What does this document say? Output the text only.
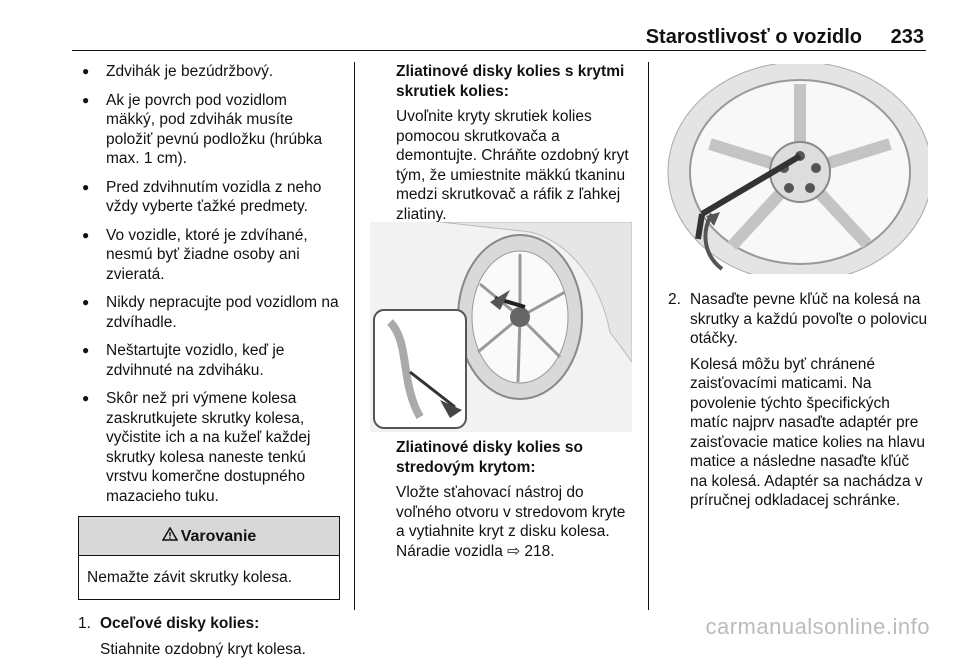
Starostlivosť o vozidlo 233
● Zdvihák je bezúdržbový.
● Ak je povrch pod vozidlom mäkký, pod zdvihák musíte položiť pevnú podložku (hrúbka max. 1 cm).
● Pred zdvihnutím vozidla z neho vždy vyberte ťažké predmety.
● Vo vozidle, ktoré je zdvíhané, nesmú byť žiadne osoby ani zvieratá.
● Nikdy nepracujte pod vozidlom na zdvíhadle.
● Neštartujte vozidlo, keď je zdvihnuté na zdviháku.
● Skôr než pri výmene kolesa zaskrutkujete skrutky kolesa, vyčistite ich a na kužeľ každej skrutky kolesa naneste tenkú vrstvu komerčne dostupného mazacieho tuku.
Varovanie
Nemažte závit skrutky kolesa.
1. Oceľové disky kolies:
Stiahnite ozdobný kryt kolesa.

Zliatinové disky kolies s krytmi skrutiek kolies:

Uvoľnite kryty skrutiek kolies pomocou skrutkovača a demontujte. Chráňte ozdobný kryt tým, že umiestnite mäkkú tkaninu medzi skrutkovač a ráfik z ľahkej zliatiny.

Zliatinové disky kolies so stredovým krytom:

Vložte sťahovací nástroj do voľného otvoru v stredovom kryte a vytiahnite kryt z disku kolesa. Náradie vozidla ⇨ 218.

2. Nasaďte pevne kľúč na kolesá na skrutky a každú povoľte o polovicu otáčky.
Kolesá môžu byť chránené zaisťovacími maticami. Na povolenie týchto špecifických matíc najprv nasaďte adaptér pre zaisťovacie matice kolies na hlavu matice a následne nasaďte kľúč na kolesá. Adaptér sa nachádza v príručnej odkladacej schránke.
carmanualsonline.info
